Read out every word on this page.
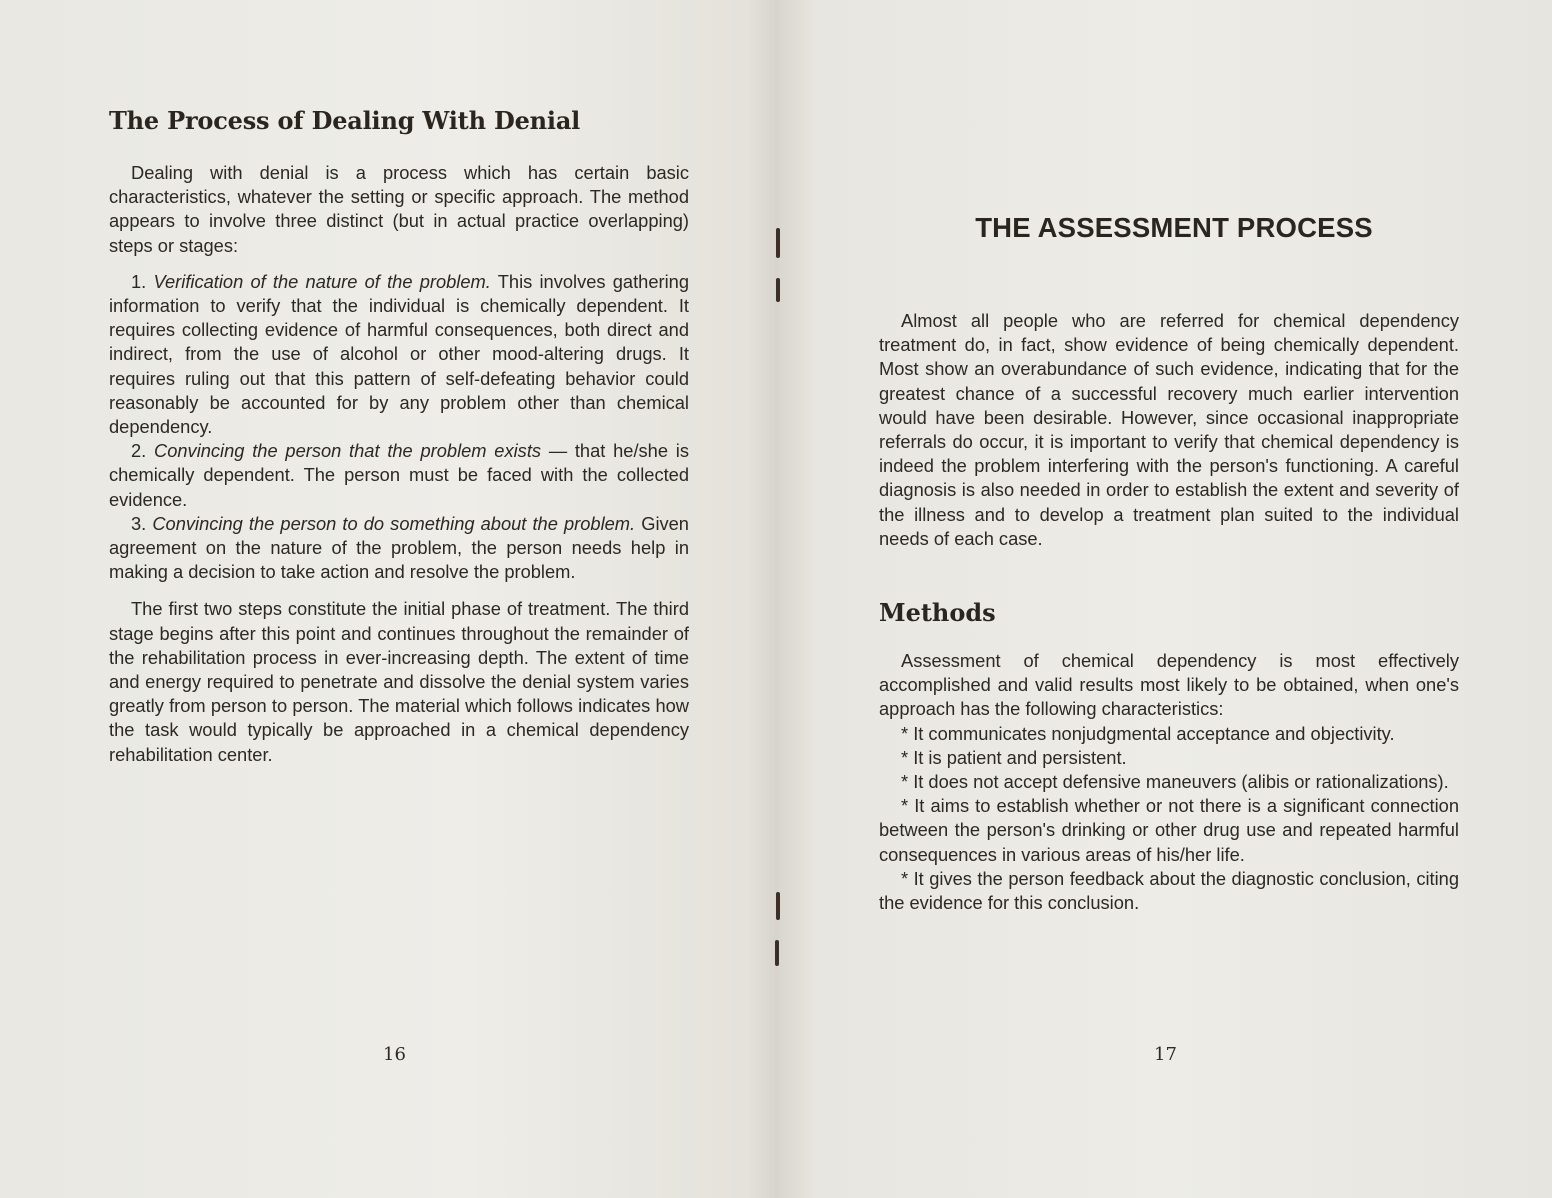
The Process of Dealing With Denial

Dealing with denial is a process which has certain basic characteristics, whatever the setting or specific approach. The method appears to involve three distinct (but in actual practice overlapping) steps or stages:

1. Verification of the nature of the problem. This involves gathering information to verify that the individual is chemically dependent. It requires collecting evidence of harmful consequences, both direct and indirect, from the use of alcohol or other mood-altering drugs. It requires ruling out that this pattern of self-defeating behavior could reasonably be accounted for by any problem other than chemical dependency.

2. Convincing the person that the problem exists — that he/she is chemically dependent. The person must be faced with the collected evidence.

3. Convincing the person to do something about the problem. Given agreement on the nature of the problem, the person needs help in making a decision to take action and resolve the problem.

The first two steps constitute the initial phase of treatment. The third stage begins after this point and continues throughout the remainder of the rehabilitation process in ever-increasing depth. The extent of time and energy required to penetrate and dissolve the denial system varies greatly from person to person. The material which follows indicates how the task would typically be approached in a chemical dependency rehabilitation center.

16
THE ASSESSMENT PROCESS

Almost all people who are referred for chemical dependency treatment do, in fact, show evidence of being chemically dependent. Most show an overabundance of such evidence, indicating that for the greatest chance of a successful recovery much earlier intervention would have been desirable. However, since occasional inappropriate referrals do occur, it is important to verify that chemical dependency is indeed the problem interfering with the person's functioning. A careful diagnosis is also needed in order to establish the extent and severity of the illness and to develop a treatment plan suited to the individual needs of each case.

Methods

Assessment of chemical dependency is most effectively accomplished and valid results most likely to be obtained, when one's approach has the following characteristics:

* It communicates nonjudgmental acceptance and objectivity.

* It is patient and persistent.

* It does not accept defensive maneuvers (alibis or rationalizations).

* It aims to establish whether or not there is a significant connection between the person's drinking or other drug use and repeated harmful consequences in various areas of his/her life.

* It gives the person feedback about the diagnostic conclusion, citing the evidence for this conclusion.

17
